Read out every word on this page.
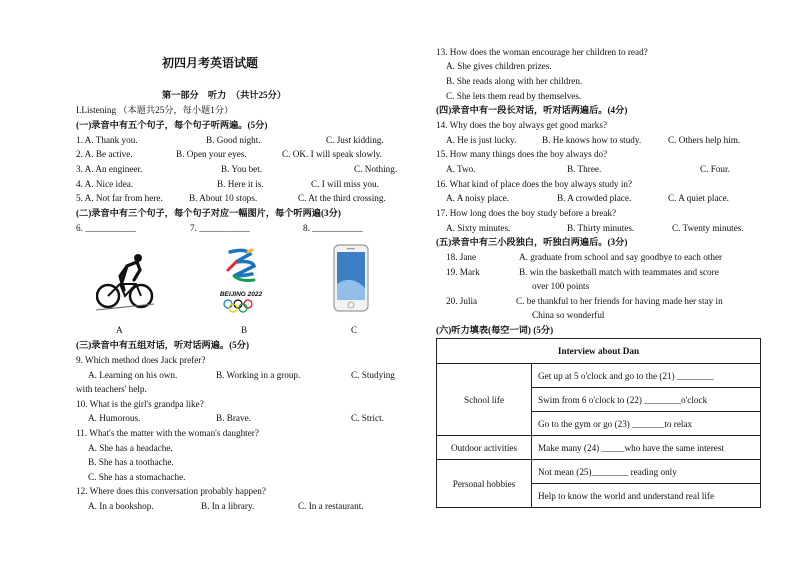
初四月考英语试题
第一部分　听力　（共计25分）
I.Listening （本题共25分，每小题1分）
(一)录音中有五个句子，每个句子听两遍。(5分)
1. A. Thank you.	B. Good night.	C. Just kidding.
2. A. Be active.	B. Open your eyes.	C. OK. I will speak slowly.
3. A. An engineer.	B. You bet.	C. Nothing.
4. A. Nice idea.	B. Here it is.	C. I will miss you.
5. A. Not far from here.	B. About 10 stops.	C. At the third crossing.
(二)录音中有三个句子，每个句子对应一幅图片，每个听两遍(3分)
6. ___________	7. ___________	8. ___________
BEIJING 2022
A	B	C
(三)录音中有五组对话，听对话两遍。(5分)
9. Which method does Jack prefer?
A. Learning on his own.	B. Working in a group.	C. Studying
with teachers' help.
10. What is the girl's grandpa like?
A. Humorous.	B. Brave.	C. Strict.
11. What's the matter with the woman's daughter?
A. She has a headache.
B. She has a toothache.
C. She has a stomachache.
12. Where does this conversation probably happen?
A. In a bookshop.	B. In a library.	C. In a restaurant.
13. How does the woman encourage her children to read?
A. She gives children prizes.
B. She reads along with her children.
C. She lets them read by themselves.
(四)录音中有一段长对话，听对话两遍后。(4分)
14. Why does the boy always get good marks?
A. He is just lucky.	B. He knows how to study.	C. Others help him.
15. How many things does the boy always do?
A. Two.	B. Three.	C. Four.
16. What kind of place does the boy always study in?
A. A noisy place.	B. A crowded place.	C. A quiet place.
17. How long does the boy study before a break?
A. Sixty minutes.	B. Thirty minutes.	C. Twenty minutes.
(五)录音中有三小段独白，听独白两遍后。(3分)
18. Jane	A. graduate from school and say goodbye to each other
19. Mark	B. win the basketball match with teammates and score
over 100 points
20. Julia	C. be thankful to her friends for having made her stay in
China so wonderful
(六)听力填表(每空一词) (5分)
Interview about Dan	
School life	Get up at 5 o'clock and go to the (21) ________
	Swim from 6 o'clock to (22) ________o'clock
	Go to the gym or go (23) _______to relax
Outdoor activities	Make many (24) _____who have the same interest
Personal hobbies	Not mean (25)________ reading only
	Help to know the world and understand real life
